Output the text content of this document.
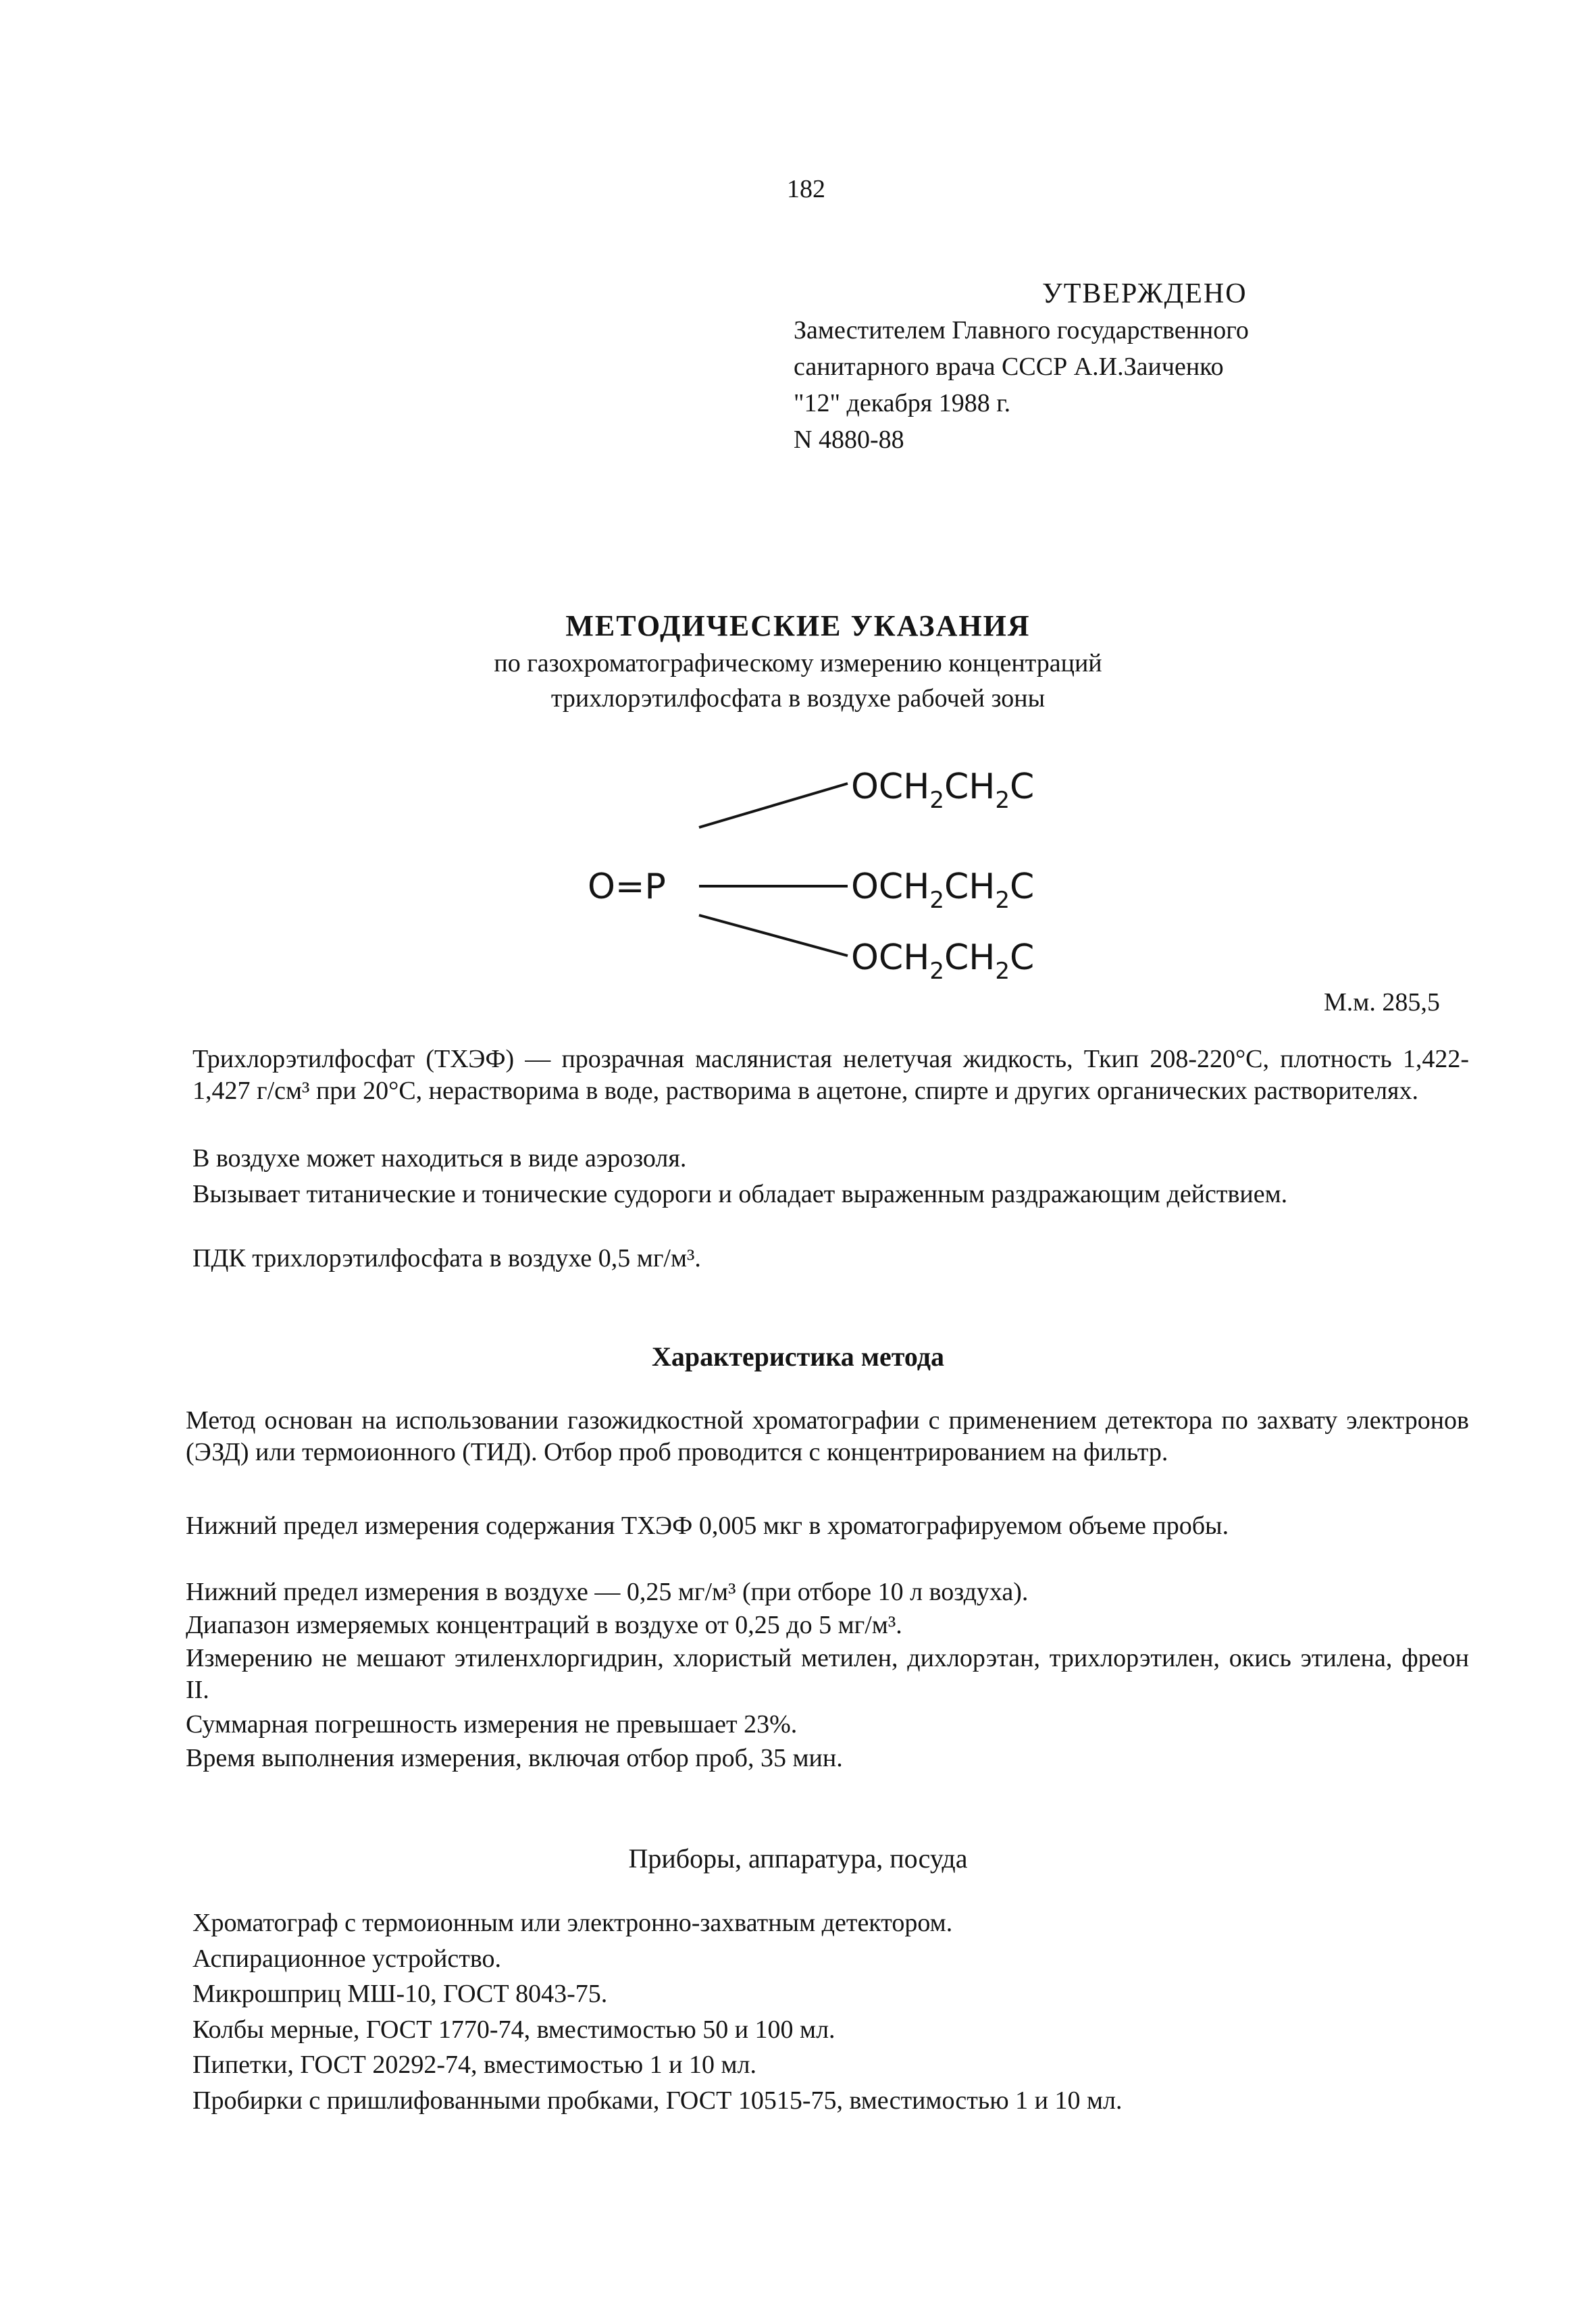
182
УТВЕРЖДЕНО
Заместителем Главного государственного
санитарного врача СССР А.И.Заиченко
"12" декабря 1988 г.
N 4880-88
МЕТОДИЧЕСКИЕ УКАЗАНИЯ
по газохроматографическому измерению концентраций
трихлорэтилфосфата в воздухе рабочей зоны
O=P
$OCH_2CH_2C$
$OCH_2CH_2C$
$OCH_2CH_2C$
М.м. 285,5
Трихлорэтилфосфат (ТХЭФ) — прозрачная маслянистая нелетучая жидкость, Ткип 208-220°С, плотность 1,422-1,427 г/см³ при 20°С, нерастворима в воде, растворима в ацетоне, спирте и других органических растворителях.
В воздухе может находиться в виде аэрозоля.
Вызывает титанические и тонические судороги и обладает выраженным раздражающим действием.
ПДК трихлорэтилфосфата в воздухе 0,5 мг/м³.
Характеристика метода
Метод основан на использовании газожидкостной хроматографии с применением детектора по захвату электронов (ЭЗД) или термоионного (ТИД). Отбор проб проводится с концентрированием на фильтр.
Нижний предел измерения содержания ТХЭФ 0,005 мкг в хроматографируемом объеме пробы.
Нижний предел измерения в воздухе — 0,25 мг/м³ (при отборе 10 л воздуха).
Диапазон измеряемых концентраций в воздухе от 0,25 до 5 мг/м³.
Измерению не мешают этиленхлоргидрин, хлористый метилен, дихлорэтан, трихлорэтилен, окись этилена, фреон II.
Суммарная погрешность измерения не превышает 23%.
Время выполнения измерения, включая отбор проб, 35 мин.
Приборы, аппаратура, посуда
Хроматограф с термоионным или электронно-захватным детектором.
Аспирационное устройство.
Микрошприц МШ-10, ГОСТ 8043-75.
Колбы мерные, ГОСТ 1770-74, вместимостью 50 и 100 мл.
Пипетки, ГОСТ 20292-74, вместимостью 1 и 10 мл.
Пробирки с пришлифованными пробками, ГОСТ 10515-75, вместимостью 1 и 10 мл.
